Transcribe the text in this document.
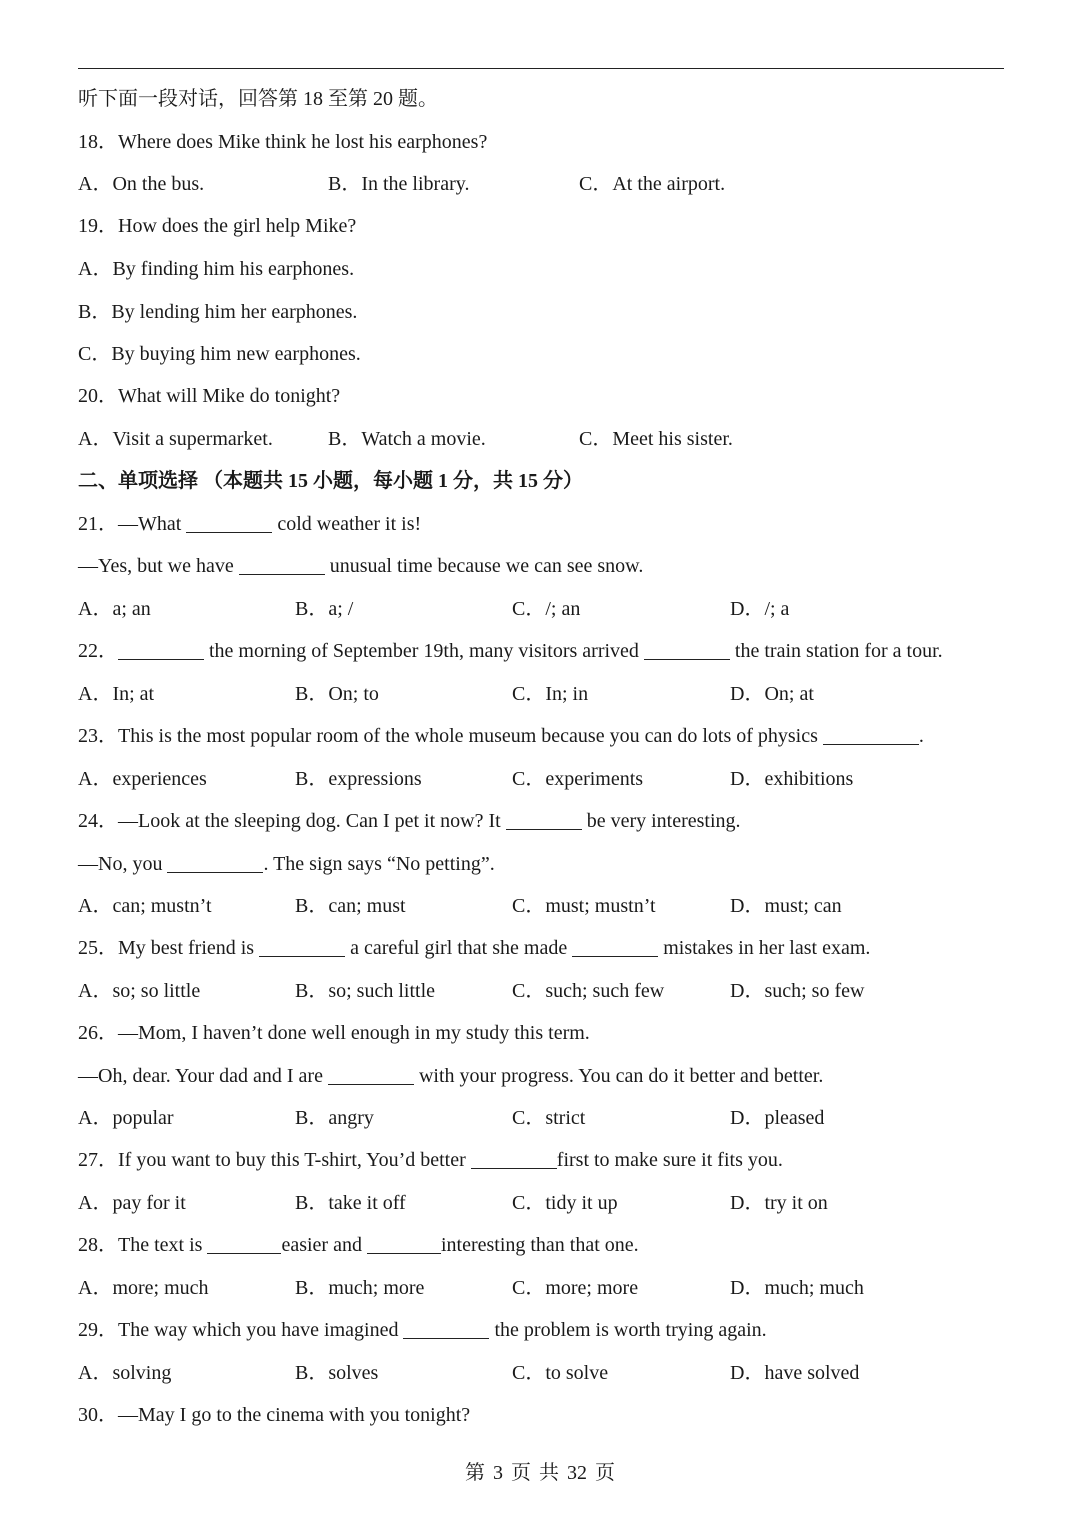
听下面一段对话，回答第 18 至第 20 题。
18．Where does Mike think he lost his earphones?
A．On the bus.	B．In the library.	C．At the airport.
19．How does the girl help Mike?
A．By finding him his earphones.
B．By lending him her earphones.
C．By buying him new earphones.
20．What will Mike do tonight?
A．Visit a supermarket.	B．Watch a movie.	C．Meet his sister.
二、单项选择 （本题共 15 小题，每小题 1 分，共 15 分）
21．—What	cold weather it is!
—Yes, but we have	unusual time because we can see snow.
A．a; an	B．a; /	C．/; an	D．/; a
22．	the morning of September 19th, many visitors arrived	the train station for a tour.
A．In; at	B．On; to	C．In; in	D．On; at
23．This is the most popular room of the whole museum because you can do lots of physics	.
A．experiences	B．expressions	C．experiments	D．exhibitions
24．—Look at the sleeping dog. Can I pet it now? It	be very interesting.
—No, you	. The sign says “No petting”.
A．can; mustn’t	B．can; must	C．must; mustn’t	D．must; can
25．My best friend is	a careful girl that she made	mistakes in her last exam.
A．so; so little	B．so; such little	C．such; such few	D．such; so few
26．—Mom, I haven’t done well enough in my study this term.
—Oh, dear. Your dad and I are	with your progress. You can do it better and better.
A．popular	B．angry	C．strict	D．pleased
27．If you want to buy this T-shirt, You’d better	first to make sure it fits you.
A．pay for it	B．take it off	C．tidy it up	D．try it on
28．The text is	easier and	interesting than that one.
A．more; much	B．much; more	C．more; more	D．much; much
29．The way which you have imagined	the problem is worth trying again.
A．solving	B．solves	C．to solve	D．have solved
30．—May I go to the cinema with you tonight?
第 3 页 共 32 页
